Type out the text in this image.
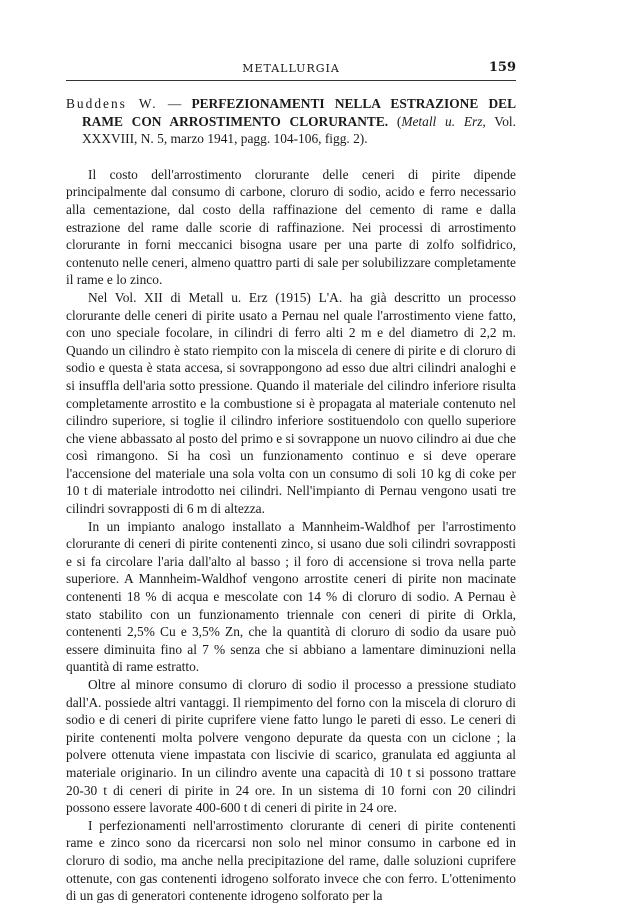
METALLURGIA	159

Buddens W. — PERFEZIONAMENTI NELLA ESTRAZIONE DEL RAME CON ARROSTIMENTO CLORURANTE. (Metall u. Erz, Vol. XXXVIII, N. 5, marzo 1941, pagg. 104-106, figg. 2).

Il costo dell'arrostimento clorurante delle ceneri di pirite dipende principalmente dal consumo di carbone, cloruro di sodio, acido e ferro necessario alla cementazione, dal costo della raffinazione del cemento di rame e dalla estrazione del rame dalle scorie di raffinazione. Nei processi di arrostimento clorurante in forni meccanici bisogna usare per una parte di zolfo solfidrico, contenuto nelle ceneri, almeno quattro parti di sale per solubilizzare completamente il rame e lo zinco.

Nel Vol. XII di Metall u. Erz (1915) L'A. ha già descritto un processo clorurante delle ceneri di pirite usato a Pernau nel quale l'arrostimento viene fatto, con uno speciale focolare, in cilindri di ferro alti 2 m e del diametro di 2,2 m. Quando un cilindro è stato riempito con la miscela di cenere di pirite e di cloruro di sodio e questa è stata accesa, si sovrappongono ad esso due altri cilindri analoghi e si insuffla dell'aria sotto pressione. Quando il materiale del cilindro inferiore risulta completamente arrostito e la combustione si è propagata al materiale contenuto nel cilindro superiore, si toglie il cilindro inferiore sostituendolo con quello superiore che viene abbassato al posto del primo e si sovrappone un nuovo cilindro ai due che così rimangono. Si ha così un funzionamento continuo e si deve operare l'accensione del materiale una sola volta con un consumo di soli 10 kg di coke per 10 t di materiale introdotto nei cilindri. Nell'impianto di Pernau vengono usati tre cilindri sovrapposti di 6 m di altezza.

In un impianto analogo installato a Mannheim-Waldhof per l'arrostimento clorurante di ceneri di pirite contenenti zinco, si usano due soli cilindri sovrapposti e si fa circolare l'aria dall'alto al basso ; il foro di accensione si trova nella parte superiore. A Mannheim-Waldhof vengono arrostite ceneri di pirite non macinate contenenti 18 % di acqua e mescolate con 14 % di cloruro di sodio. A Pernau è stato stabilito con un funzionamento triennale con ceneri di pirite di Orkla, contenenti 2,5% Cu e 3,5% Zn, che la quantità di cloruro di sodio da usare può essere diminuita fino al 7 % senza che si abbiano a lamentare diminuzioni nella quantità di rame estratto.

Oltre al minore consumo di cloruro di sodio il processo a pressione studiato dall'A. possiede altri vantaggi. Il riempimento del forno con la miscela di cloruro di sodio e di ceneri di pirite cuprifere viene fatto lungo le pareti di esso. Le ceneri di pirite contenenti molta polvere vengono depurate da questa con un ciclone ; la polvere ottenuta viene impastata con liscivie di scarico, granulata ed aggiunta al materiale originario. In un cilindro avente una capacità di 10 t si possono trattare 20-30 t di ceneri di pirite in 24 ore. In un sistema di 10 forni con 20 cilindri possono essere lavorate 400-600 t di ceneri di pirite in 24 ore.

I perfezionamenti nell'arrostimento clorurante di ceneri di pirite contenenti rame e zinco sono da ricercarsi non solo nel minor consumo in carbone ed in cloruro di sodio, ma anche nella precipitazione del rame, dalle soluzioni cuprifere ottenute, con gas contenenti idrogeno solforato invece che con ferro. L'ottenimento di un gas di generatori contenente idrogeno solforato per la
